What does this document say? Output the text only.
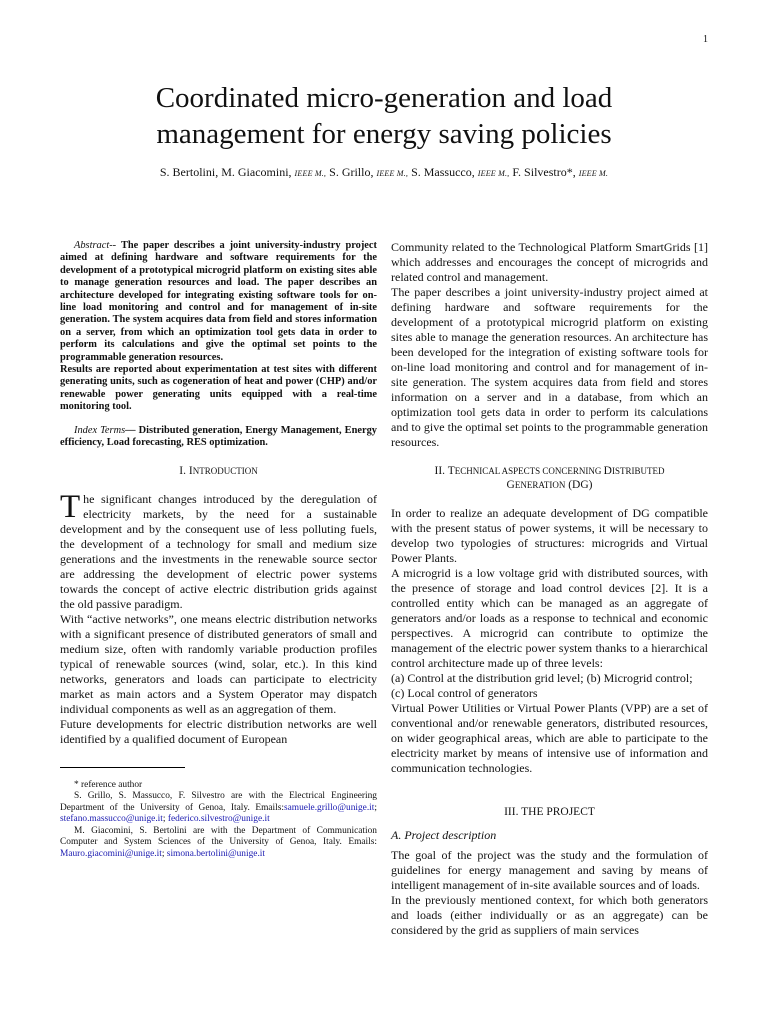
1
Coordinated micro-generation and load
management for energy saving policies
S. Bertolini, M. Giacomini, IEEE M., S. Grillo, IEEE M., S. Massucco, IEEE M., F. Silvestro*, IEEE M.

Abstract-- The paper describes a joint university-industry project aimed at defining hardware and software requirements for the development of a prototypical microgrid platform on existing sites able to manage generation resources and load. The paper describes an architecture developed for integrating existing software tools for on-line load monitoring and control and for management of in-site generation. The system acquires data from field and stores information on a server, from which an optimization tool gets data in order to perform its calculations and give the optimal set points to the programmable generation resources.

Results are reported about experimentation at test sites with different generating units, such as cogeneration of heat and power (CHP) and/or renewable power generating units equipped with a real-time monitoring tool.

Index Terms— Distributed generation, Energy Management, Energy efficiency, Load forecasting, RES optimization.

I. INTRODUCTION

The significant changes introduced by the deregulation of electricity markets, by the need for a sustainable development and by the consequent use of less polluting fuels, the development of a technology for small and medium size generations and the investments in the renewable source sector are addressing the development of electric power systems towards the concept of active electric distribution grids against the old passive paradigm.

With “active networks”, one means electric distribution networks with a significant presence of distributed generators of small and medium size, often with randomly variable production profiles typical of renewable sources (wind, solar, etc.). In this kind networks, generators and loads can participate to electricity market as main actors and a System Operator may dispatch individual components as well as an aggregation of them.

Future developments for electric distribution networks are well identified by a qualified document of European

* reference author

S. Grillo, S. Massucco, F. Silvestro are with the Electrical Engineering Department of the University of Genoa, Italy. Emails:samuele.grillo@unige.it; stefano.massucco@unige.it; federico.silvestro@unige.it

M. Giacomini, S. Bertolini are with the Department of Communication Computer and System Sciences of the University of Genoa, Italy. Emails: Mauro.giacomini@unige.it; simona.bertolini@unige.it

Community related to the Technological Platform SmartGrids [1] which addresses and encourages the concept of microgrids and related control and management.

The paper describes a joint university-industry project aimed at defining hardware and software requirements for the development of a prototypical microgrid platform on existing sites able to manage the generation resources. An architecture has been developed for the integration of existing software tools for on-line load monitoring and control and for management of in-site generation. The system acquires data from field and stores information on a server and in a database, from which an optimization tool gets data in order to perform its calculations and to give the optimal set points to the programmable generation resources.

II. TECHNICAL ASPECTS CONCERNING DISTRIBUTED
GENERATION (DG)

In order to realize an adequate development of DG compatible with the present status of power systems, it will be necessary to develop two typologies of structures: microgrids and Virtual Power Plants.

A microgrid is a low voltage grid with distributed sources, with the presence of storage and load control devices [2]. It is a controlled entity which can be managed as an aggregate of generators and/or loads as a response to technical and economic perspectives. A microgrid can contribute to optimize the management of the electric power system thanks to a hierarchical control architecture made up of three levels:

(a) Control at the distribution grid level; (b) Microgrid control;

(c) Local control of generators

Virtual Power Utilities or Virtual Power Plants (VPP) are a set of conventional and/or renewable generators, distributed resources, on wider geographical areas, which are able to participate to the electricity market by means of intensive use of information and communication technologies.

III. THE PROJECT

A. Project description

The goal of the project was the study and the formulation of guidelines for energy management and saving by means of intelligent management of in-site available sources and of loads.

In the previously mentioned context, for which both generators and loads (either individually or as an aggregate) can be considered by the grid as suppliers of main services
